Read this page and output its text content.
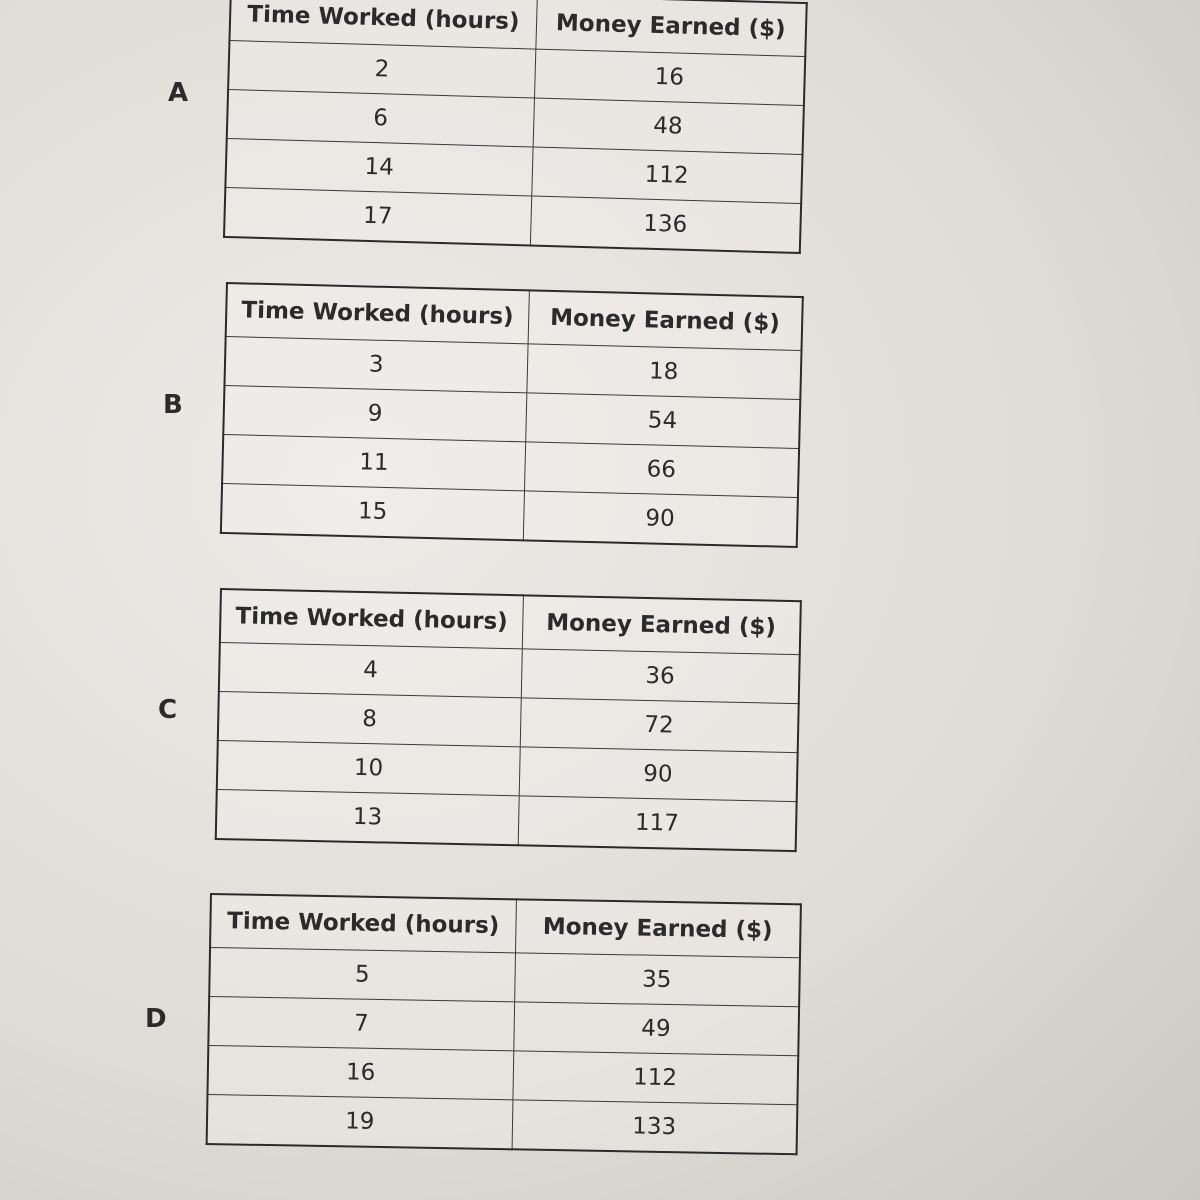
A
Time Worked (hours)	Money Earned ($)
2	16
6	48
14	112
17	136
B
Time Worked (hours)	Money Earned ($)
3	18
9	54
11	66
15	90
C
Time Worked (hours)	Money Earned ($)
4	36
8	72
10	90
13	117
D
Time Worked (hours)	Money Earned ($)
5	35
7	49
16	112
19	133
